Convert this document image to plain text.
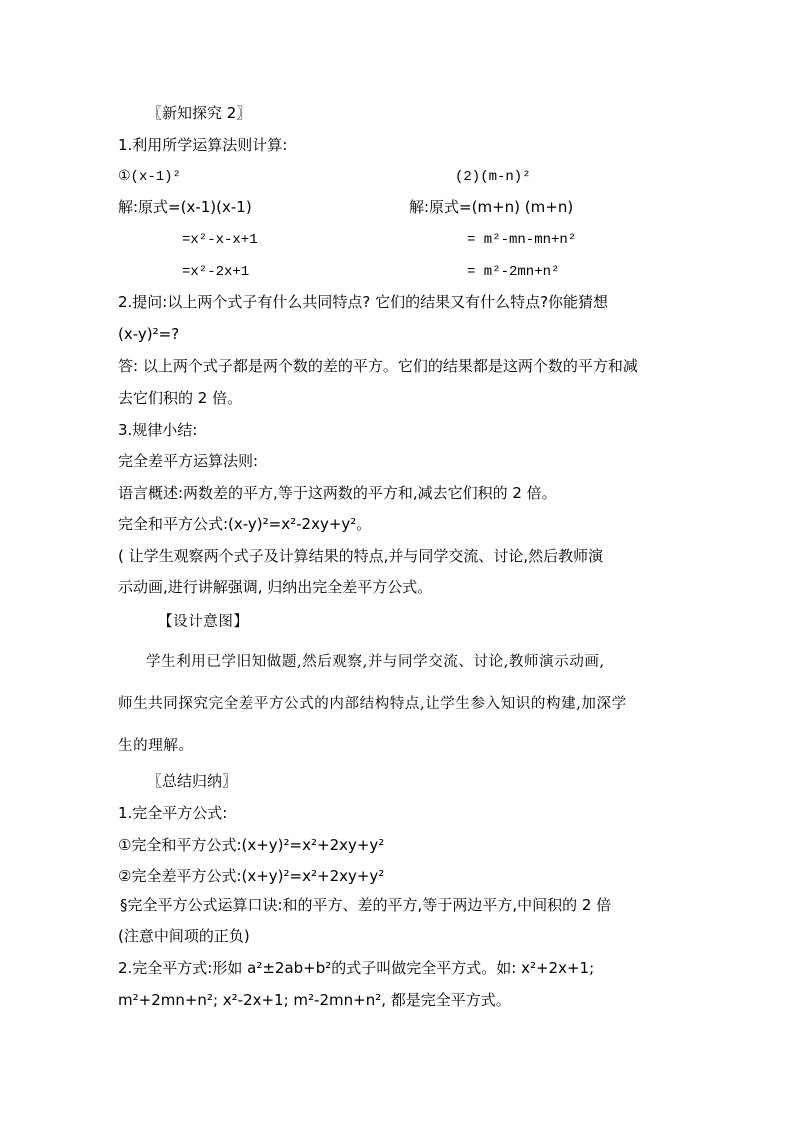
〖新知探究 2〗
1.利用所学运算法则计算:
①(x-1)²	(2)(m-n)²
解:原式=(x-1)(x-1)
=x²-x-x+1
=x²-2x+1
解:原式=(m+n) (m+n)
= m²-mn-mn+n²
= m²-2mn+n²
2.提问:以上两个式子有什么共同特点? 它们的结果又有什么特点?你能猜想
(x-y)²=?
答: 以上两个式子都是两个数的差的平方。它们的结果都是这两个数的平方和减
去它们积的 2 倍。
3.规律小结:
完全差平方运算法则:
语言概述:两数差的平方,等于这两数的平方和,减去它们积的 2 倍。
完全和平方公式:(x-y)²=x²-2xy+y²。
( 让学生观察两个式子及计算结果的特点,并与同学交流、讨论,然后教师演
示动画,进行讲解强调, 归纳出完全差平方公式。
【设计意图】
学生利用已学旧知做题,然后观察,并与同学交流、讨论,教师演示动画,
师生共同探究完全差平方公式的内部结构特点,让学生参入知识的构建,加深学
生的理解。
〖总结归纳〗
1.完全平方公式:
①完全和平方公式:(x+y)²=x²+2xy+y²
②完全差平方公式:(x+y)²=x²+2xy+y²
§完全平方公式运算口诀:和的平方、差的平方,等于两边平方,中间积的 2 倍
(注意中间项的正负)
2.完全平方式:形如 a²±2ab+b²的式子叫做完全平方式。如: x²+2x+1;
m²+2mn+n²; x²-2x+1; m²-2mn+n², 都是完全平方式。
